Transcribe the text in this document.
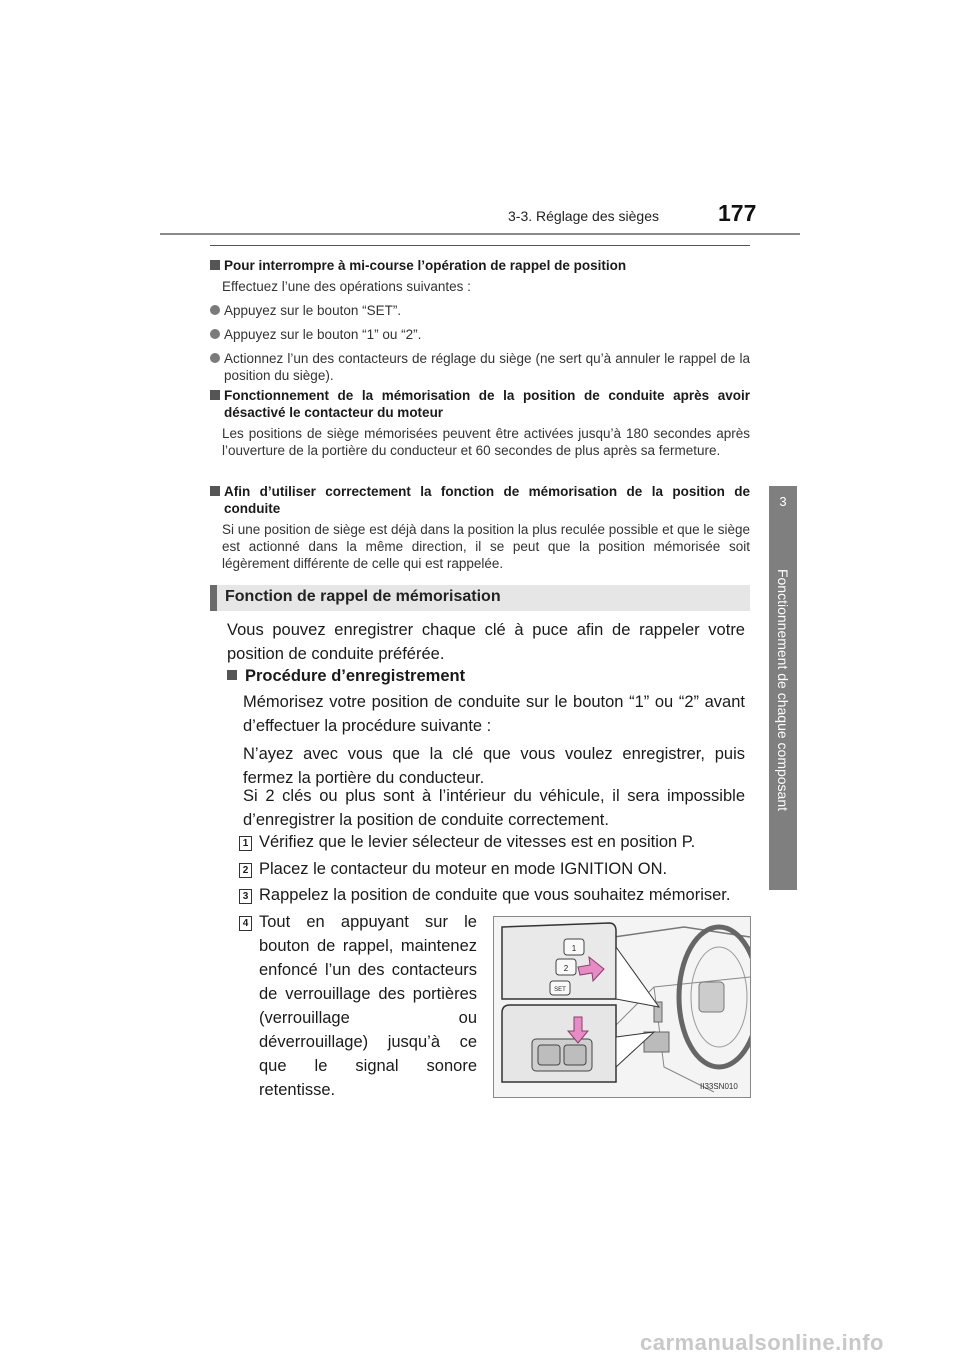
3-3. Réglage des sièges	177
3
Fonctionnement de chaque composant
Pour interrompre à mi-course l’opération de rappel de position
Effectuez l’une des opérations suivantes :
Appuyez sur le bouton “SET”.
Appuyez sur le bouton “1” ou “2”.
Actionnez l’un des contacteurs de réglage du siège (ne sert qu’à annuler le rappel de la position du siège).
Fonctionnement de la mémorisation de la position de conduite après avoir désactivé le contacteur du moteur
Les positions de siège mémorisées peuvent être activées jusqu’à 180 secondes après l’ouverture de la portière du conducteur et 60 secondes de plus après sa fermeture.
Afin d’utiliser correctement la fonction de mémorisation de la position de conduite
Si une position de siège est déjà dans la position la plus reculée possible et que le siège est actionné dans la même direction, il se peut que la position mémorisée soit légèrement différente de celle qui est rappelée.
Fonction de rappel de mémorisation
Vous pouvez enregistrer chaque clé à puce afin de rappeler votre position de conduite préférée.
Procédure d’enregistrement
Mémorisez votre position de conduite sur le bouton “1” ou “2” avant d’effectuer la procédure suivante :
N’ayez avec vous que la clé que vous voulez enregistrer, puis fermez la portière du conducteur.
Si 2 clés ou plus sont à l’intérieur du véhicule, il sera impossible d’enregistrer la position de conduite correctement.
1 Vérifiez que le levier sélecteur de vitesses est en position P.
2 Placez le contacteur du moteur en mode IGNITION ON.
3 Rappelez la position de conduite que vous souhaitez mémoriser.
4 Tout en appuyant sur le bouton de rappel, maintenez enfoncé l’un des contacteurs de verrouillage des portières (verrouillage ou déverrouillage) jusqu’à ce que le signal sonore retentisse.
1
2
SET
II33SN010
carmanualsonline.info
